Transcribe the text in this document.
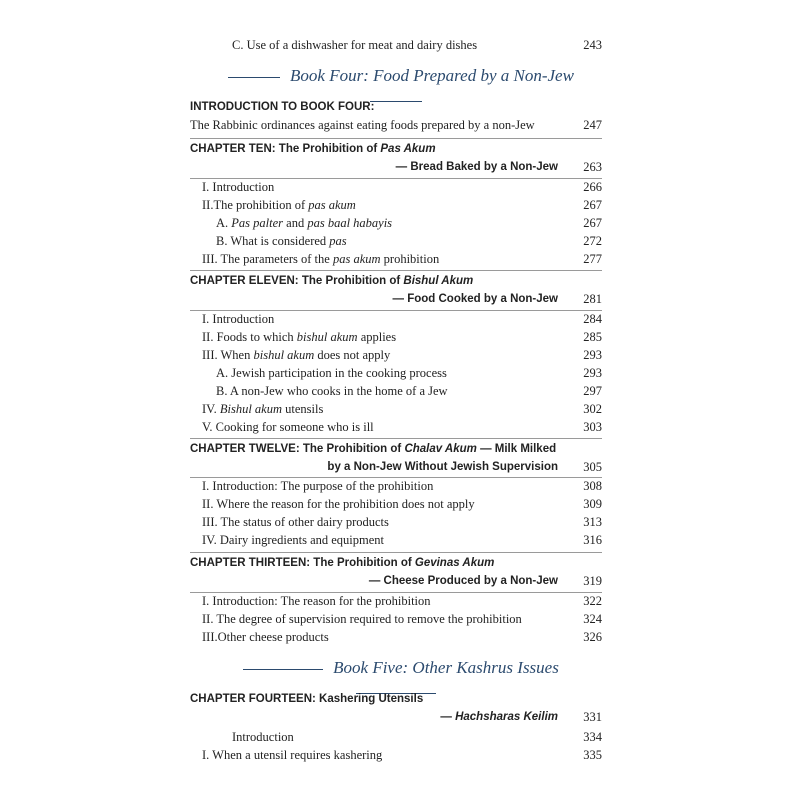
C. Use of a dishwasher for meat and dairy dishes	243
Book Four: Food Prepared by a Non-Jew
INTRODUCTION TO BOOK FOUR:
The Rabbinic ordinances against eating foods prepared by a non-Jew	247
CHAPTER TEN: The Prohibition of Pas Akum
— Bread Baked by a Non-Jew 263
I. Introduction	266
II.The prohibition of pas akum	267
A. Pas palter and pas baal habayis	267
B. What is considered pas	272
III. The parameters of the pas akum prohibition	277
CHAPTER ELEVEN: The Prohibition of Bishul Akum
— Food Cooked by a Non-Jew 281
I. Introduction	284
II. Foods to which bishul akum applies	285
III. When bishul akum does not apply	293
A. Jewish participation in the cooking process	293
B. A non-Jew who cooks in the home of a Jew	297
IV. Bishul akum utensils	302
V. Cooking for someone who is ill	303
CHAPTER TWELVE: The Prohibition of Chalav Akum — Milk Milked
by a Non-Jew Without Jewish Supervision 305
I. Introduction: The purpose of the prohibition	308
II. Where the reason for the prohibition does not apply	309
III. The status of other dairy products	313
IV. Dairy ingredients and equipment	316
CHAPTER THIRTEEN: The Prohibition of Gevinas Akum
— Cheese Produced by a Non-Jew 319
I. Introduction: The reason for the prohibition	322
II. The degree of supervision required to remove the prohibition	324
III.Other cheese products	326
Book Five: Other Kashrus Issues
CHAPTER FOURTEEN: Kashering Utensils
— Hachsharas Keilim 331
Introduction	334
I. When a utensil requires kashering	335
